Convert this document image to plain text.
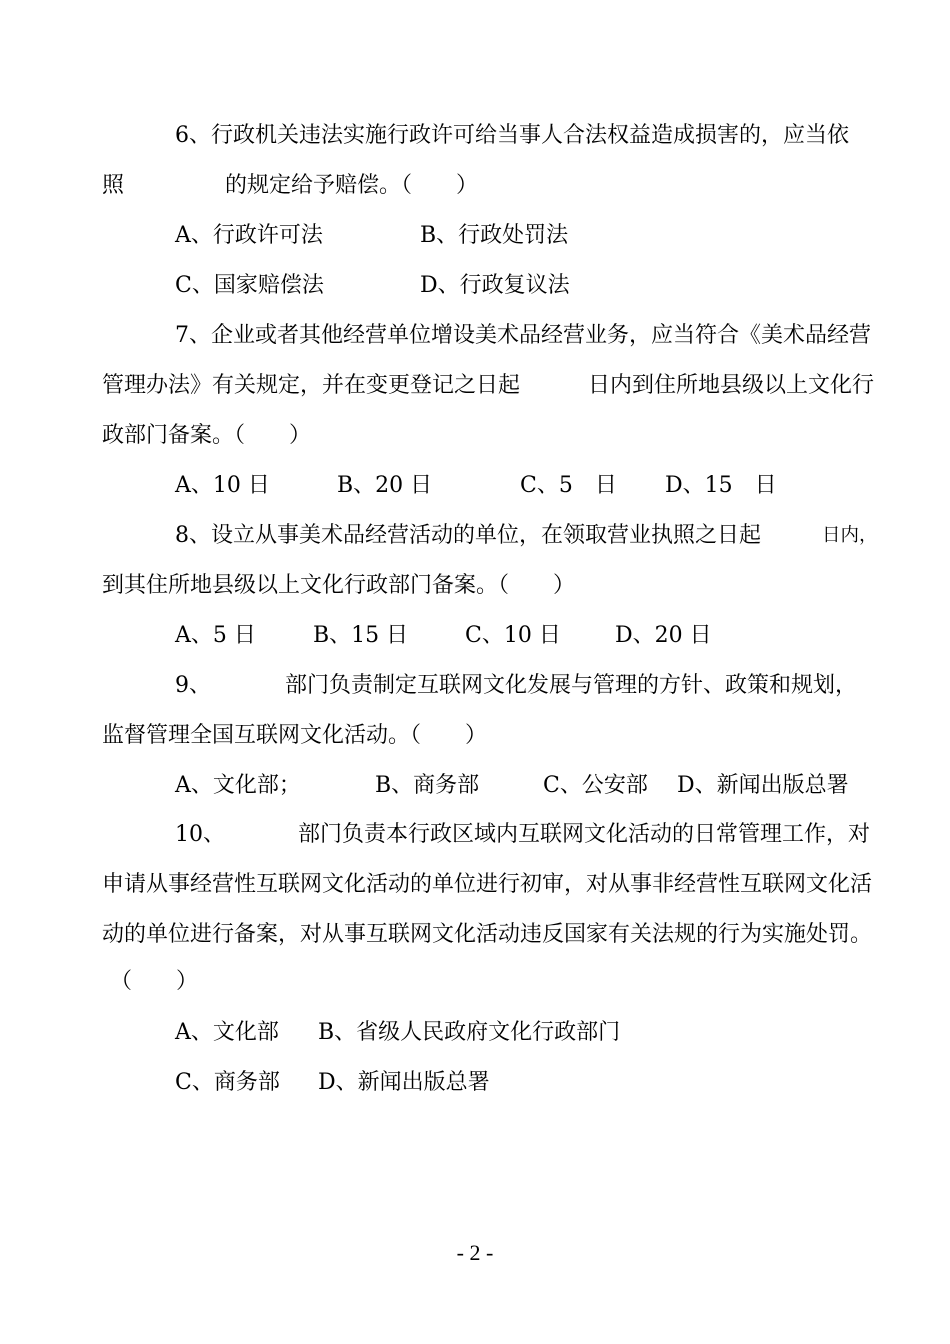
6、行政机关违法实施行政许可给当事人合法权益造成损害的，应当依
照	的规定给予赔偿。（　　）
A、行政许可法	B、行政处罚法
C、国家赔偿法	D、行政复议法
7、企业或者其他经营单位增设美术品经营业务，应当符合《美术品经营
管理办法》有关规定，并在变更登记之日起	日内到住所地县级以上文化行
政部门备案。（　　）
A、10 日	B、20 日	C、5　日 D、15　日
8、设立从事美术品经营活动的单位，在领取营业执照之日起	日内，
到其住所地县级以上文化行政部门备案。（　　）
A、5 日	B、15 日	C、10 日 D、20 日
9、	部门负责制定互联网文化发展与管理的方针、政策和规划，
监督管理全国互联网文化活动。（　　）
A、文化部；	B、商务部	C、公安部 D、新闻出版总署
10、	部门负责本行政区域内互联网文化活动的日常管理工作，对
申请从事经营性互联网文化活动的单位进行初审，对从事非经营性互联网文化活
动的单位进行备案，对从事互联网文化活动违反国家有关法规的行为实施处罚。
（　　）
A、文化部 B、省级人民政府文化行政部门
C、商务部 D、新闻出版总署
- 2 -
